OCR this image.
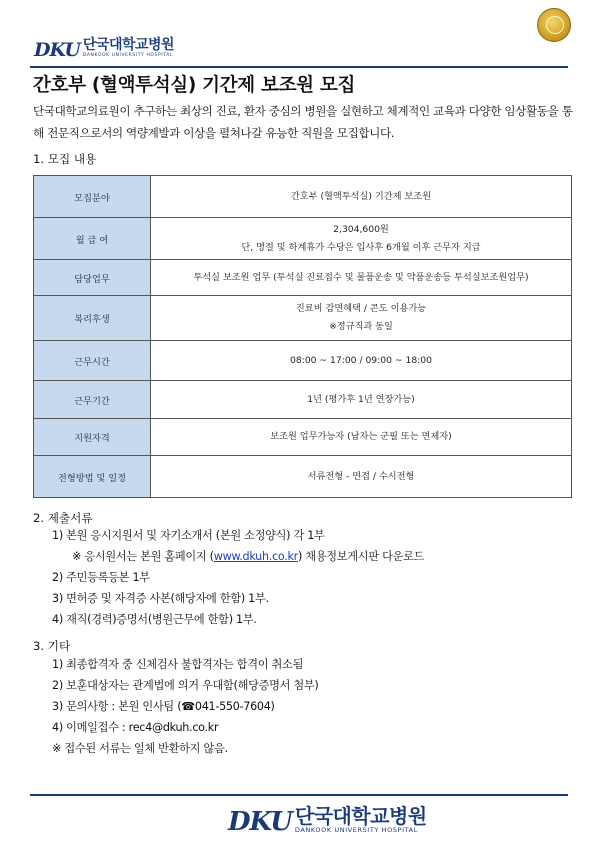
DKU 단국대학교병원
DANKOOK UNIVERSITY HOSPITAL
간호부 (혈액투석실) 기간제 보조원 모집
단국대학교의료원이 추구하는 최상의 진료, 환자 중심의 병원을 실현하고 체계적인 교육과 다양한 임상활동을 통해 전문직으로서의 역량계발과 이상을 펼쳐나갈 유능한 직원을 모집합니다.
1. 모집 내용
모집분야	간호부 (혈액투석실) 기간제 보조원

월 급 여	2,304,600원
단, 명절 및 하계휴가 수당은 입사후 6개월 이후 근무자 지급

담당업무	투석실 보조원 업무 (투석실 진료접수 및 물품운송 및 약품운송등 투석실보조원업무)

복리후생	진료비 감면혜택 / 콘도 이용가능
※정규직과 동일

근무시간	08:00 ~ 17:00 / 09:00 ~ 18:00

근무기간	1년 (평가후 1년 연장가능)

지원자격	보조원 업무가능자 (남자는 군필 또는 면제자)

전형방법 및 일정	서류전형 - 면접 / 수시전형
2. 제출서류
1) 본원 응시지원서 및 자기소개서 (본원 소정양식) 각 1부
※ 응시원서는 본원 홈페이지 (www.dkuh.co.kr) 채용정보게시판 다운로드
2) 주민등록등본 1부
3) 면허증 및 자격증 사본(해당자에 한함) 1부.
4) 재직(경력)증명서(병원근무에 한함) 1부.
3. 기타
1) 최종합격자 중 신체검사 불합격자는 합격이 취소됨
2) 보훈대상자는 관계법에 의거 우대함(해당증명서 첨부)
3) 문의사항 : 본원 인사팀 (☎041-550-7604)
4) 이메일접수 : rec4@dkuh.co.kr
※ 접수된 서류는 일체 반환하지 않음.
DKU 단국대학교병원
DANKOOK UNIVERSITY HOSPITAL
